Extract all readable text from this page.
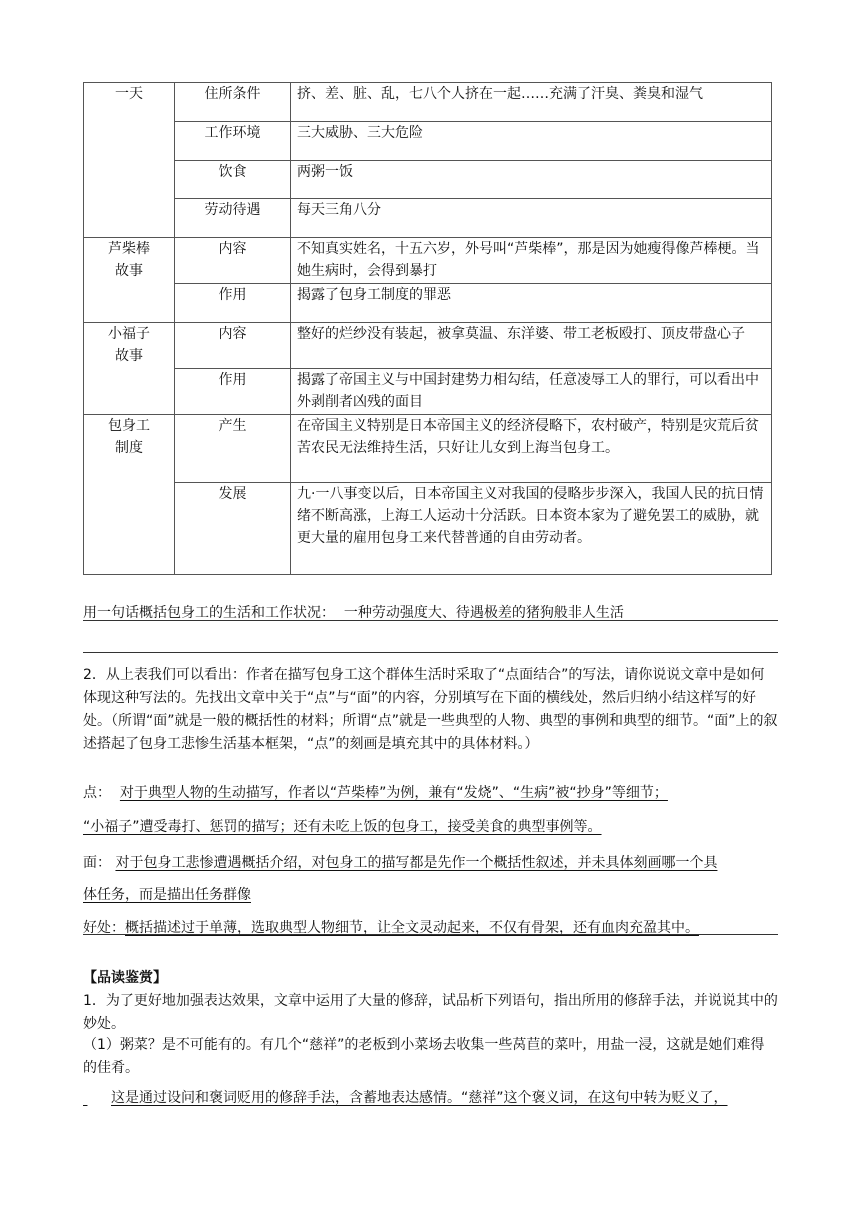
一天	住所条件	挤、差、脏、乱，七八个人挤在一起……充满了汗臭、粪臭和湿气
	工作环境	三大威胁、三大危险
	饮食	两粥一饭
	劳动待遇	每天三角八分
芦柴棒
故事	内容	不知真实姓名，十五六岁，外号叫“芦柴棒”，那是因为她瘦得像芦棒梗。当她生病时，会得到暴打
	作用	揭露了包身工制度的罪恶
小福子
故事	内容	整好的烂纱没有装起，被拿莫温、东洋婆、带工老板殴打、顶皮带盘心子
	作用	揭露了帝国主义与中国封建势力相勾结，任意凌辱工人的罪行，可以看出中外剥削者凶残的面目
包身工
制度	产生	在帝国主义特别是日本帝国主义的经济侵略下，农村破产，特别是灾荒后贫苦农民无法维持生活，只好让儿女到上海当包身工。
	发展	九·一八事变以后，日本帝国主义对我国的侵略步步深入，我国人民的抗日情绪不断高涨，上海工人运动十分活跃。日本资本家为了避免罢工的威胁，就更大量的雇用包身工来代替普通的自由劳动者。
用一句话概括包身工的生活和工作状况： 一种劳动强度大、待遇极差的猪狗般非人生活
2．从上表我们可以看出：作者在描写包身工这个群体生活时采取了“点面结合”的写法，请你说说文章中是如何体现这种写法的。先找出文章中关于“点”与“面”的内容，分别填写在下面的横线处，然后归纳小结这样写的好处。（所谓“面”就是一般的概括性的材料；所谓“点”就是一些典型的人物、典型的事例和典型的细节。“面”上的叙述搭起了包身工悲惨生活基本框架，“点”的刻画是填充其中的具体材料。）
点： 对于典型人物的生动描写，作者以“芦柴棒”为例，兼有“发烧”、“生病”被“抄身”等细节；
“小福子”遭受毒打、惩罚的描写；还有未吃上饭的包身工，接受美食的典型事例等。
面： 对于包身工悲惨遭遇概括介绍，对包身工的描写都是先作一个概括性叙述，并未具体刻画哪一个具
体任务，而是描出任务群像
好处：概括描述过于单薄，选取典型人物细节，让全文灵动起来，不仅有骨架，还有血肉充盈其中。
【品读鉴赏】
1．为了更好地加强表达效果，文章中运用了大量的修辞，试品析下列语句，指出所用的修辞手法，并说说其中的妙处。
（1）粥菜？是不可能有的。有几个“慈祥”的老板到小菜场去收集一些莴苣的菜叶，用盐一浸，这就是她们难得的佳肴。
这是通过设问和褒词贬用的修辞手法，含蓄地表达感情。“慈祥”这个褒义词，在这句中转为贬义了，
